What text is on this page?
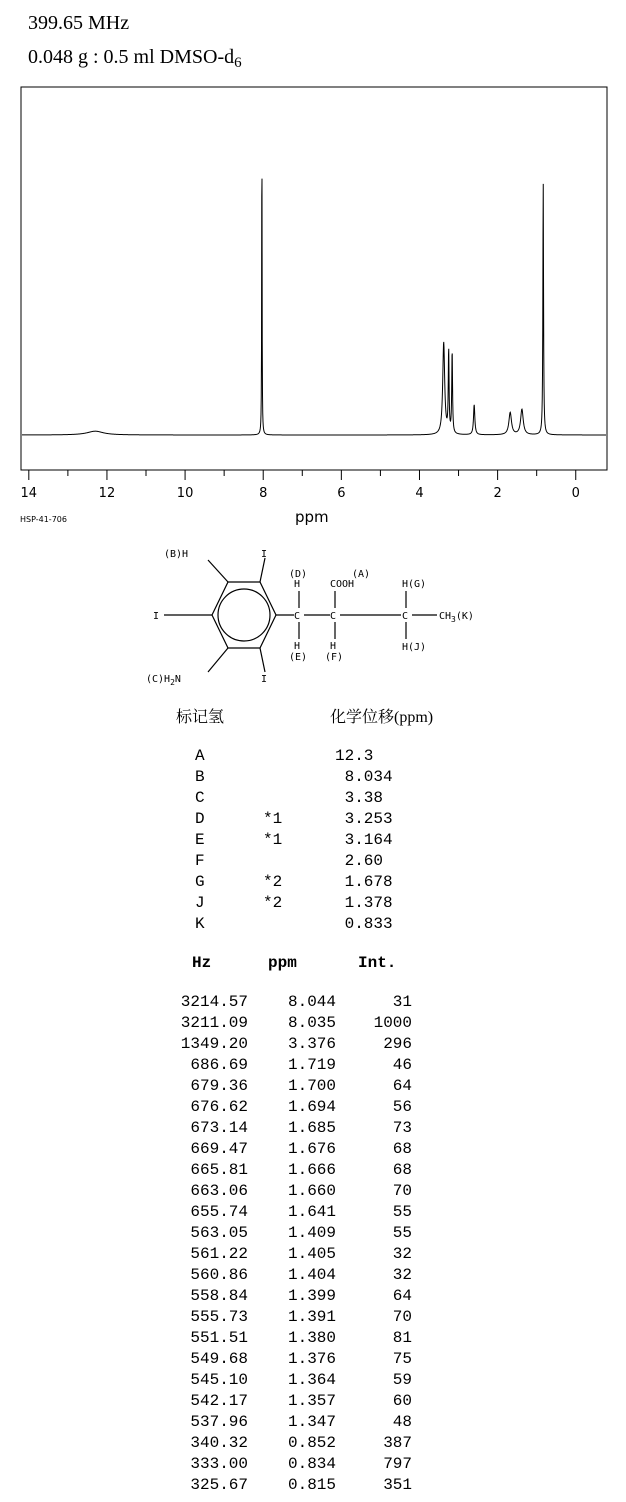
399.65 MHz
0.048 g : 0.5 ml DMSO-$d_6$
14	12	10	8	6	4	2	0
HSP-41-706	ppm
(B)H	I
I
I
$(C)H_2N$
(D)
H
(A)
COOH	H(G)
C	C	C	$CH_3(K)$
H
(E)
H
(F)
H(J)
标记氢	化学位移(ppm)
A	12.3
B	8.034
C	3.38
D	*1	3.253
E	*1	3.164
F	2.60
G	*2	1.678
J	*2	1.378
K	0.833
Hz	ppm	Int.
3214.57 8.044	31
3211.09 8.035 1000
1349.20 3.376	296
686.69 1.719	46
679.36 1.700	64
676.62 1.694	56
673.14 1.685	73
669.47 1.676	68
665.81 1.666	68
663.06 1.660	70
655.74 1.641	55
563.05 1.409	55
561.22 1.405	32
560.86 1.404	32
558.84 1.399	64
555.73 1.391	70
551.51 1.380	81
549.68 1.376	75
545.10 1.364	59
542.17 1.357	60
537.96 1.347	48
340.32 0.852	387
333.00 0.834	797
325.67 0.815	351
